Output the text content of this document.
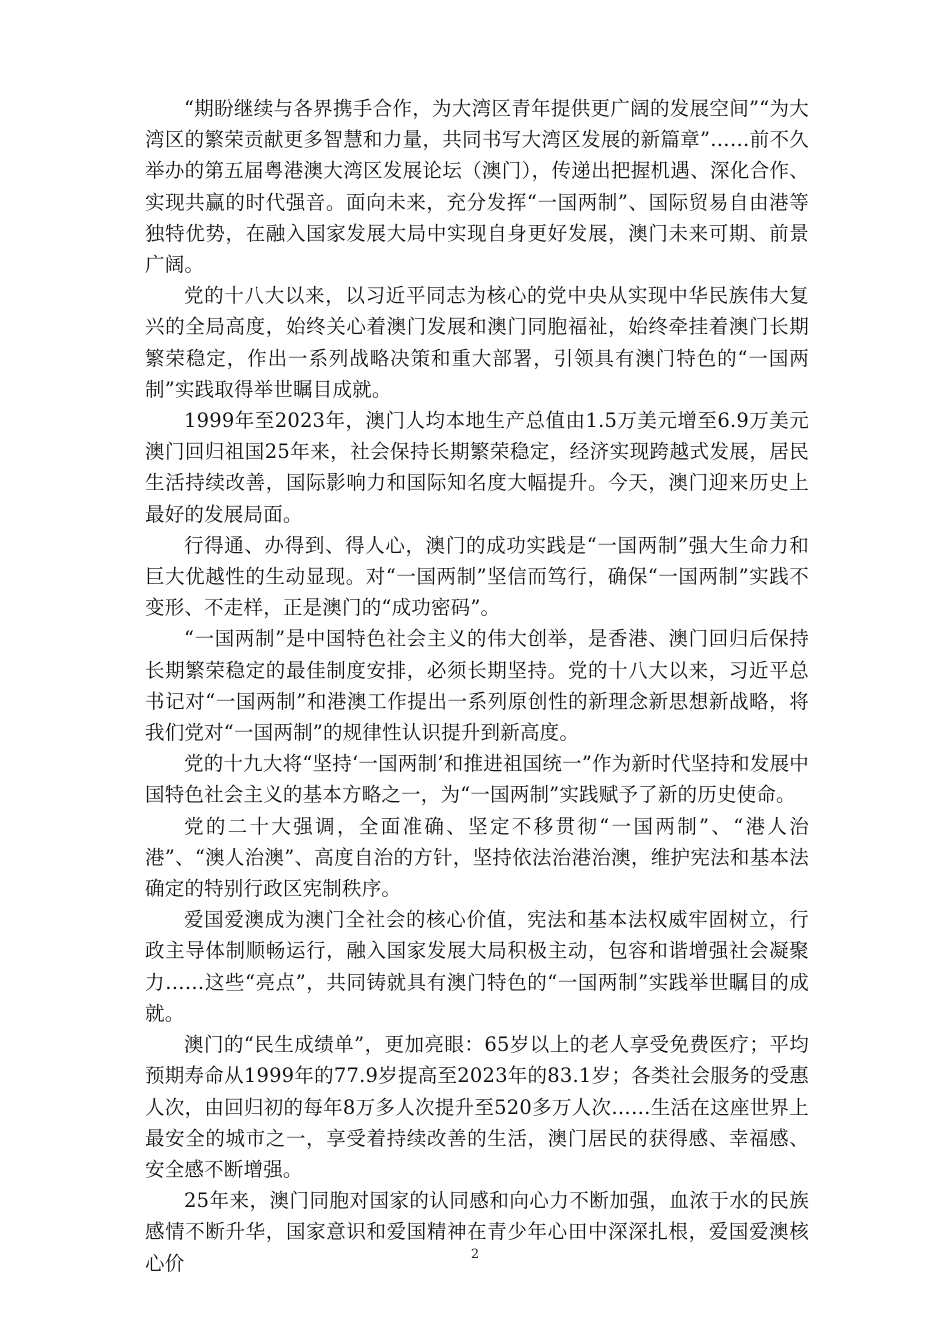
“期盼继续与各界携手合作，为大湾区青年提供更广阔的发展空间”“为大湾区的繁荣贡献更多智慧和力量，共同书写大湾区发展的新篇章”……前不久举办的第五届粤港澳大湾区发展论坛（澳门），传递出把握机遇、深化合作、实现共赢的时代强音。面向未来，充分发挥“一国两制”、国际贸易自由港等独特优势，在融入国家发展大局中实现自身更好发展，澳门未来可期、前景广阔。

党的十八大以来，以习近平同志为核心的党中央从实现中华民族伟大复兴的全局高度，始终关心着澳门发展和澳门同胞福祉，始终牵挂着澳门长期繁荣稳定，作出一系列战略决策和重大部署，引领具有澳门特色的“一国两制”实践取得举世瞩目成就。

1999年至2023年，澳门人均本地生产总值由1.5万美元增至6.9万美元澳门回归祖国25年来，社会保持长期繁荣稳定，经济实现跨越式发展，居民生活持续改善，国际影响力和国际知名度大幅提升。今天，澳门迎来历史上最好的发展局面。

行得通、办得到、得人心，澳门的成功实践是“一国两制”强大生命力和巨大优越性的生动显现。对“一国两制”坚信而笃行，确保“一国两制”实践不变形、不走样，正是澳门的“成功密码”。

“一国两制”是中国特色社会主义的伟大创举，是香港、澳门回归后保持长期繁荣稳定的最佳制度安排，必须长期坚持。党的十八大以来，习近平总书记对“一国两制”和港澳工作提出一系列原创性的新理念新思想新战略，将我们党对“一国两制”的规律性认识提升到新高度。

党的十九大将“坚持‘一国两制’和推进祖国统一”作为新时代坚持和发展中国特色社会主义的基本方略之一，为“一国两制”实践赋予了新的历史使命。

党的二十大强调，全面准确、坚定不移贯彻“一国两制”、“港人治港”、“澳人治澳”、高度自治的方针，坚持依法治港治澳，维护宪法和基本法确定的特别行政区宪制秩序。

爱国爱澳成为澳门全社会的核心价值，宪法和基本法权威牢固树立，行政主导体制顺畅运行，融入国家发展大局积极主动，包容和谐增强社会凝聚力……这些“亮点”，共同铸就具有澳门特色的“一国两制”实践举世瞩目的成就。

澳门的“民生成绩单”，更加亮眼：65岁以上的老人享受免费医疗；平均预期寿命从1999年的77.9岁提高至2023年的83.1岁；各类社会服务的受惠人次，由回归初的每年8万多人次提升至520多万人次……生活在这座世界上最安全的城市之一，享受着持续改善的生活，澳门居民的获得感、幸福感、安全感不断增强。

25年来，澳门同胞对国家的认同感和向心力不断加强，血浓于水的民族感情不断升华，国家意识和爱国精神在青少年心田中深深扎根，爱国爱澳核心价	2
